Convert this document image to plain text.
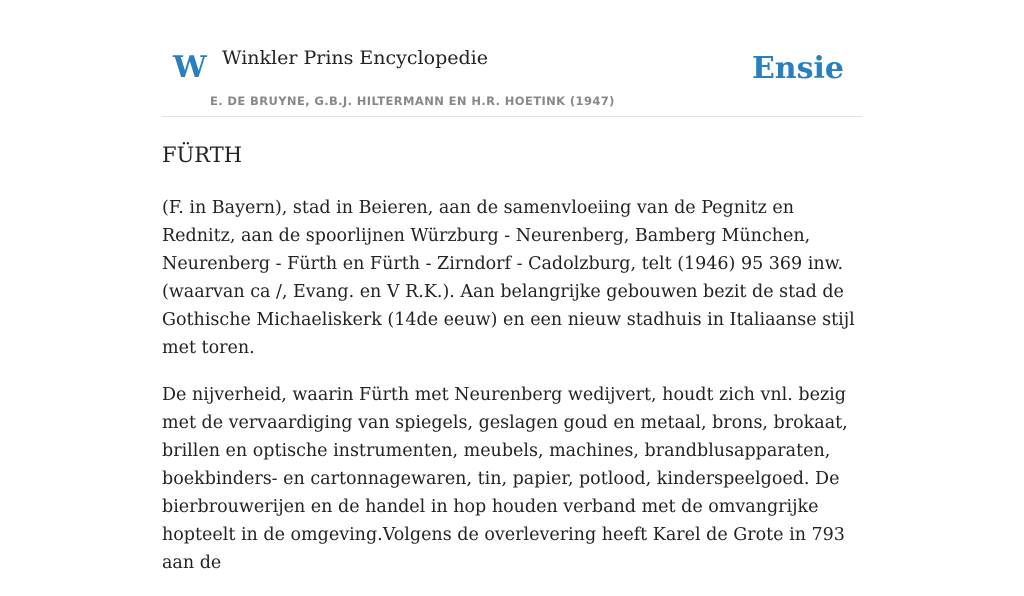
W Winkler Prins Encyclopedie
E. DE BRUYNE, G.B.J. HILTERMANN EN H.R. HOETINK (1947)
Ensie
FÜRTH

(F. in Bayern), stad in Beieren, aan de samenvloeiing van de Pegnitz en Rednitz, aan de spoorlijnen Würzburg - Neurenberg, Bamberg München, Neurenberg - Fürth en Fürth - Zirndorf - Cadolzburg, telt (1946) 95 369 inw. (waarvan ca /, Evang. en V R.K.). Aan belangrijke gebouwen bezit de stad de Gothische Michaeliskerk (14de eeuw) en een nieuw stadhuis in Italiaanse stijl met toren.

De nijverheid, waarin Fürth met Neurenberg wedijvert, houdt zich vnl. bezig met de vervaardiging van spiegels, geslagen goud en metaal, brons, brokaat, brillen en optische instrumenten, meubels, machines, brandblusapparaten, boekbinders- en cartonnagewaren, tin, papier, potlood, kinderspeelgoed. De bierbrouwerijen en de handel in hop houden verband met de omvangrijke hopteelt in de omgeving.Volgens de overlevering heeft Karel de Grote in 793 aan de
